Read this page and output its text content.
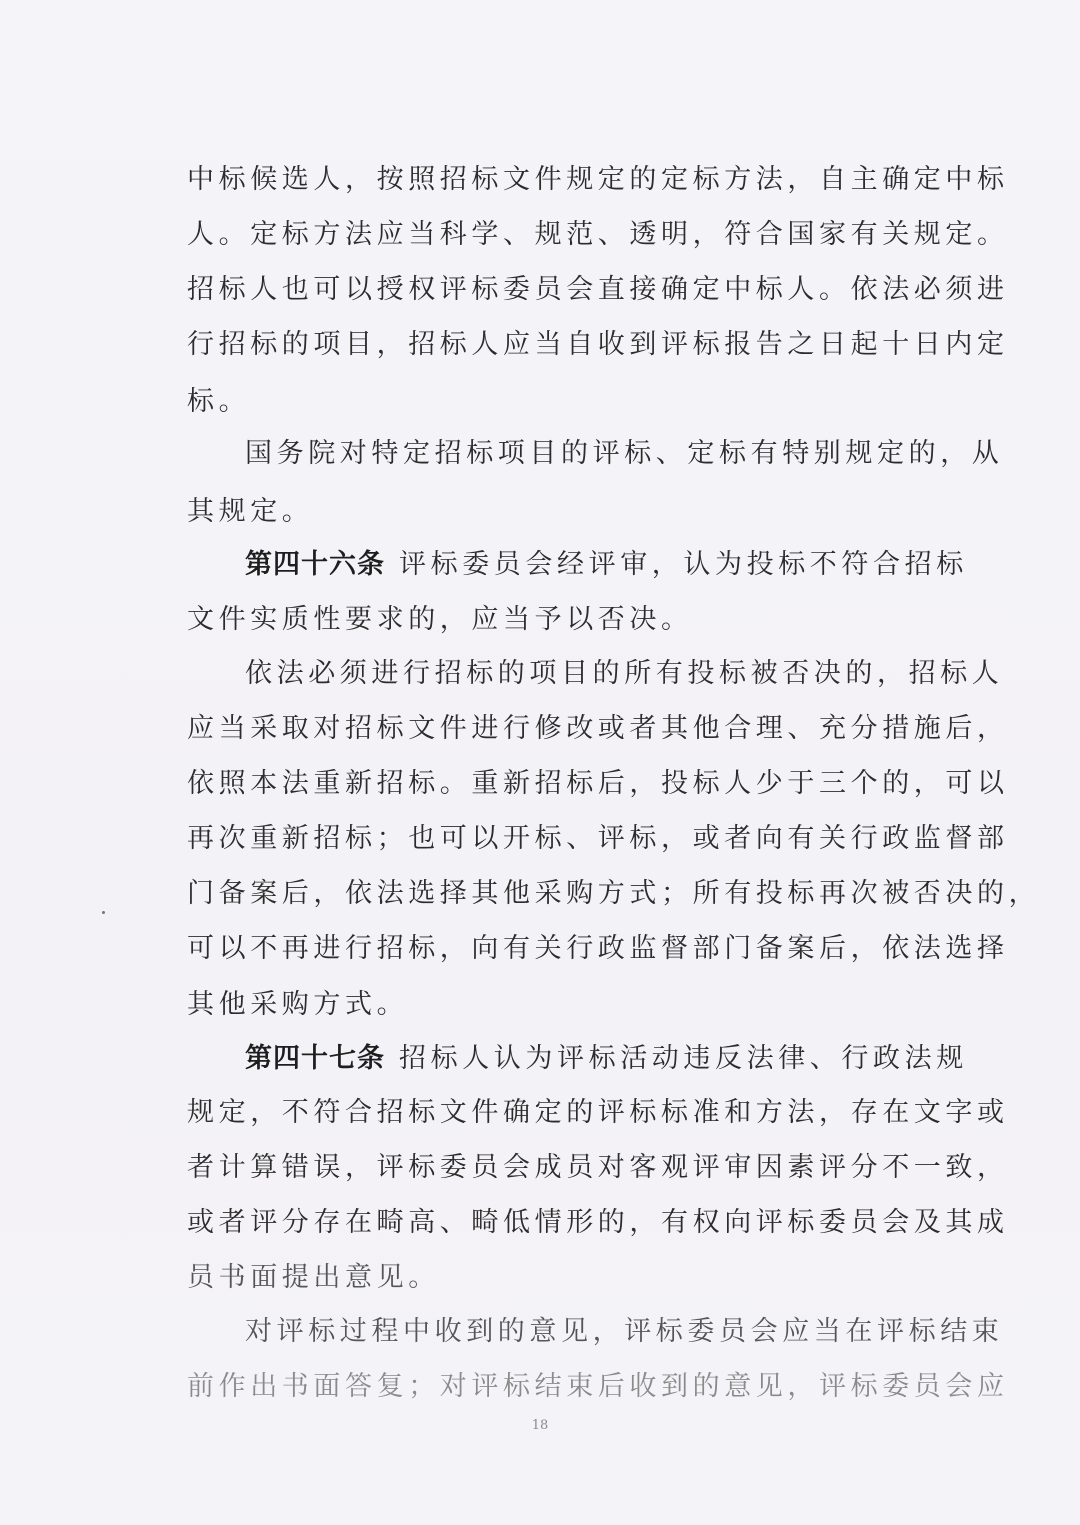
中标候选人，按照招标文件规定的定标方法，自主确定中标
人。定标方法应当科学、规范、透明，符合国家有关规定。
招标人也可以授权评标委员会直接确定中标人。依法必须进
行招标的项目，招标人应当自收到评标报告之日起十日内定
标。
国务院对特定招标项目的评标、定标有特别规定的，从
其规定。
第四十六条 评标委员会经评审，认为投标不符合招标
文件实质性要求的，应当予以否决。
依法必须进行招标的项目的所有投标被否决的，招标人
应当采取对招标文件进行修改或者其他合理、充分措施后，
依照本法重新招标。重新招标后，投标人少于三个的，可以
再次重新招标；也可以开标、评标，或者向有关行政监督部
门备案后，依法选择其他采购方式；所有投标再次被否决的，
可以不再进行招标，向有关行政监督部门备案后，依法选择
其他采购方式。
第四十七条 招标人认为评标活动违反法律、行政法规
规定，不符合招标文件确定的评标标准和方法，存在文字或
者计算错误，评标委员会成员对客观评审因素评分不一致，
或者评分存在畸高、畸低情形的，有权向评标委员会及其成
员书面提出意见。
对评标过程中收到的意见，评标委员会应当在评标结束
前作出书面答复；对评标结束后收到的意见，评标委员会应
18
